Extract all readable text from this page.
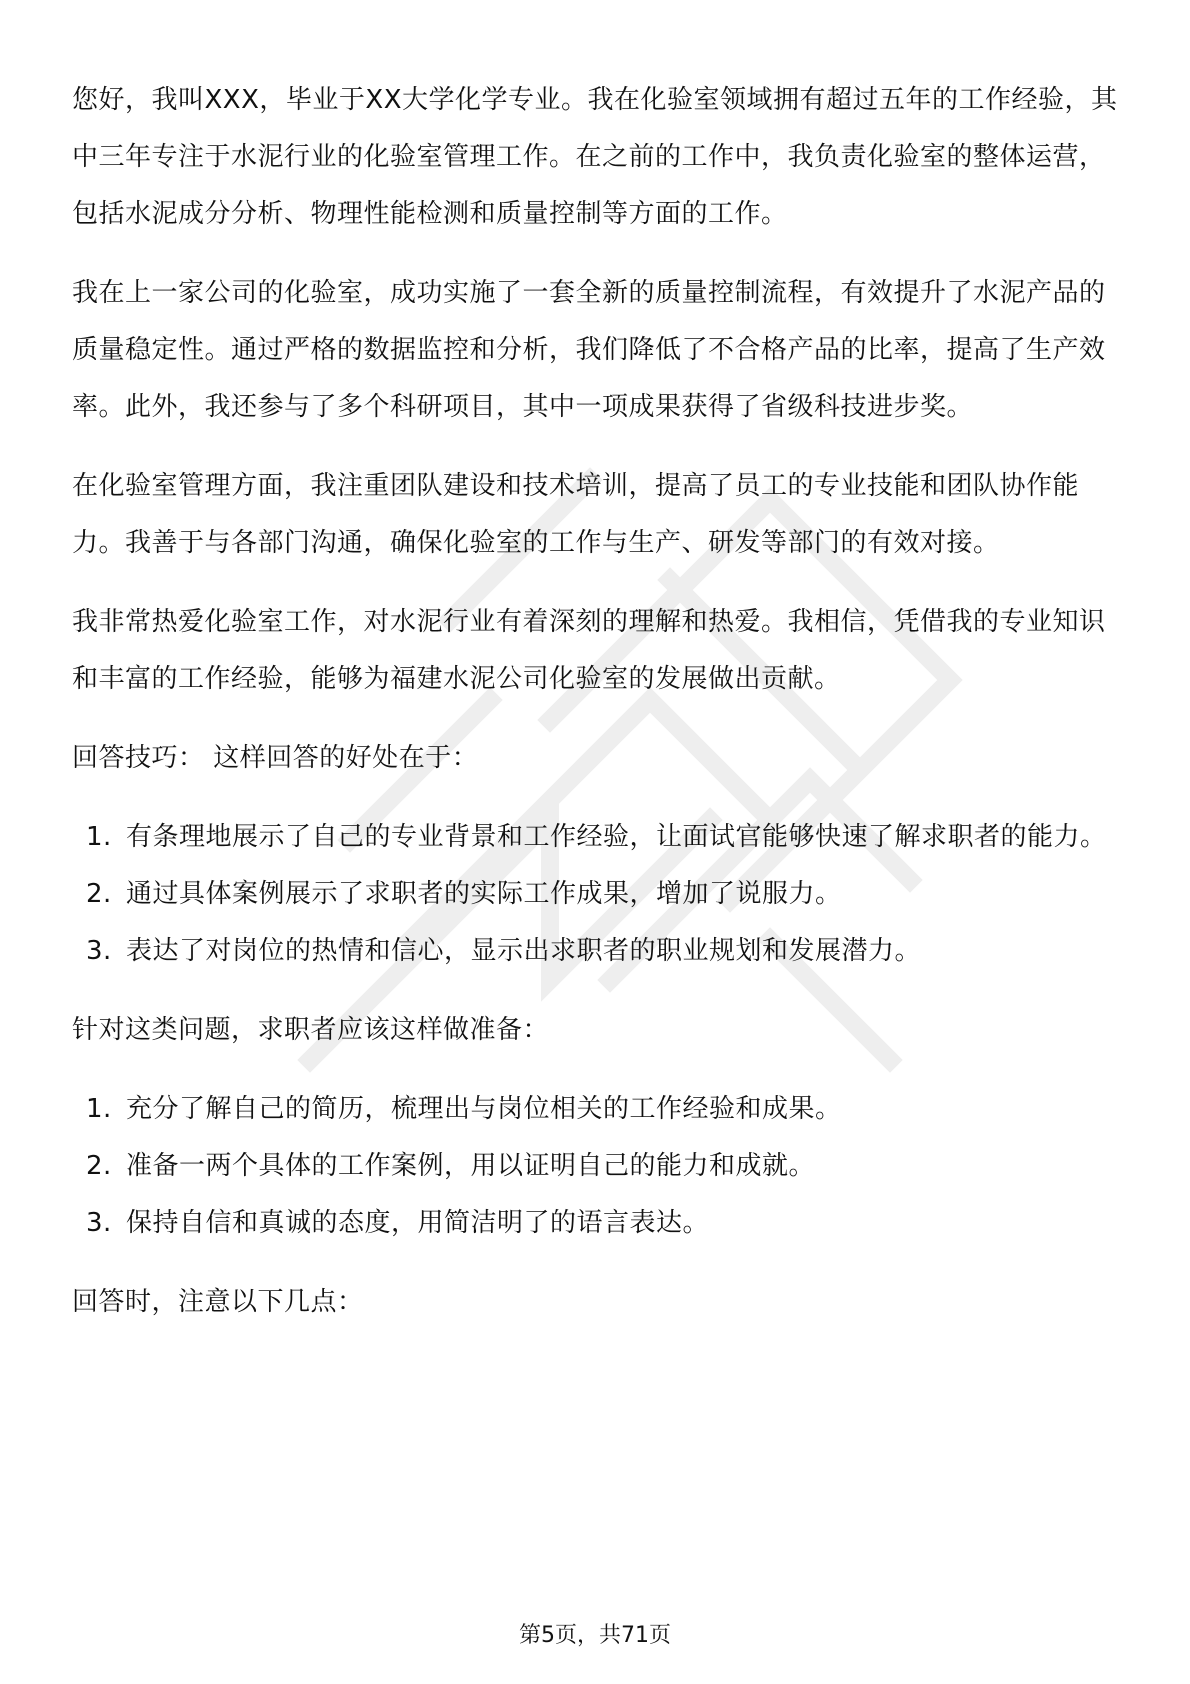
您好，我叫XXX，毕业于XX大学化学专业。我在化验室领域拥有超过五年的工作经验，其中三年专注于水泥行业的化验室管理工作。在之前的工作中，我负责化验室的整体运营，包括水泥成分分析、物理性能检测和质量控制等方面的工作。

我在上一家公司的化验室，成功实施了一套全新的质量控制流程，有效提升了水泥产品的质量稳定性。通过严格的数据监控和分析，我们降低了不合格产品的比率，提高了生产效率。此外，我还参与了多个科研项目，其中一项成果获得了省级科技进步奖。

在化验室管理方面，我注重团队建设和技术培训，提高了员工的专业技能和团队协作能力。我善于与各部门沟通，确保化验室的工作与生产、研发等部门的有效对接。

我非常热爱化验室工作，对水泥行业有着深刻的理解和热爱。我相信，凭借我的专业知识和丰富的工作经验，能够为福建水泥公司化验室的发展做出贡献。

回答技巧： 这样回答的好处在于：

1. 有条理地展示了自己的专业背景和工作经验，让面试官能够快速了解求职者的能力。
2. 通过具体案例展示了求职者的实际工作成果，增加了说服力。
3. 表达了对岗位的热情和信心，显示出求职者的职业规划和发展潜力。

针对这类问题，求职者应该这样做准备：

1. 充分了解自己的简历，梳理出与岗位相关的工作经验和成果。
2. 准备一两个具体的工作案例，用以证明自己的能力和成就。
3. 保持自信和真诚的态度，用简洁明了的语言表达。

回答时，注意以下几点：

第5页，共71页
